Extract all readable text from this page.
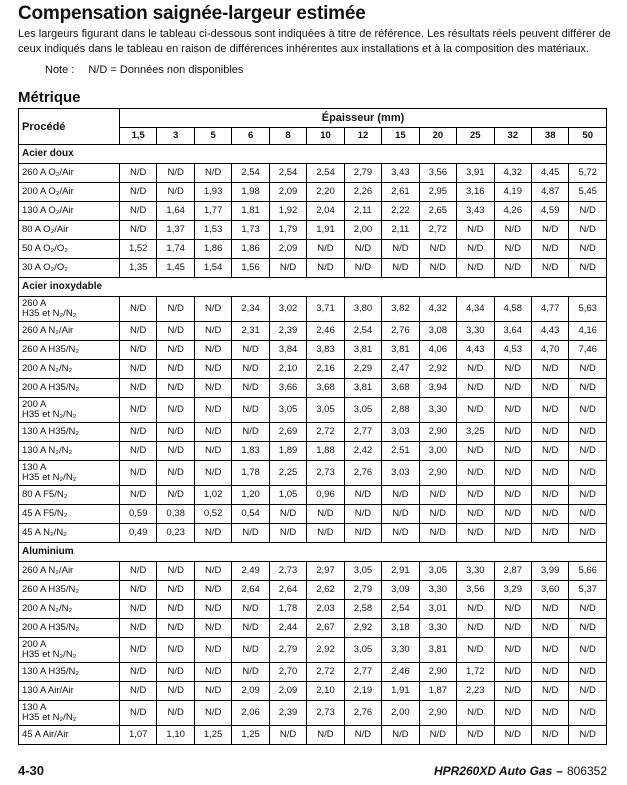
Compensation saignée-largeur estimée

Les largeurs figurant dans le tableau ci-dessous sont indiquées à titre de référence. Les résultats réels peuvent différer de ceux indiqués dans le tableau en raison de différences inhérentes aux installations et à la composition des matériaux.

Note : N/D = Données non disponibles

Métrique
Procédé	Épaisseur (mm)												
	1,5	3	5	6	8	10	12	15	20	25	32	38	50
Acier doux													
260 A O₂/Air	N/D	N/D	N/D	2,54	2,54	2,54	2,79	3,43	3,56	3,91	4,32	4,45	5,72
200 A O₂/Air	N/D	N/D	1,93	1,98	2,09	2,20	2,26	2,61	2,95	3,16	4,19	4,87	5,45
130 A O₂/Air	N/D	1,64	1,77	1,81	1,92	2,04	2,11	2,22	2,65	3,43	4,26	4,59	N/D
80 A O₂/Air	N/D	1,37	1,53	1,73	1,79	1,91	2,00	2,11	2,72	N/D	N/D	N/D	N/D
50 A O₂/O₂	1,52	1,74	1,86	1,86	2,09	N/D	N/D	N/D	N/D	N/D	N/D	N/D	N/D
30 A O₂/O₂	1,35	1,45	1,54	1,56	N/D	N/D	N/D	N/D	N/D	N/D	N/D	N/D	N/D
Acier inoxydable													
260 A
H35 et N₂/N₂	N/D	N/D	N/D	2,34	3,02	3,71	3,80	3,82	4,32	4,34	4,58	4,77	5,63
260 A N₂/Air	N/D	N/D	N/D	2,31	2,39	2,46	2,54	2,76	3,08	3,30	3,64	4,43	4,16
260 A H35/N₂	N/D	N/D	N/D	N/D	3,84	3,83	3,81	3,81	4,06	4,43	4,53	4,70	7,46
200 A N₂/N₂	N/D	N/D	N/D	N/D	2,10	2,16	2,29	2,47	2,92	N/D	N/D	N/D	N/D
200 A H35/N₂	N/D	N/D	N/D	N/D	3,66	3,68	3,81	3,68	3,94	N/D	N/D	N/D	N/D
200 A
H35 et N₂/N₂	N/D	N/D	N/D	N/D	3,05	3,05	3,05	2,88	3,30	N/D	N/D	N/D	N/D
130 A H35/N₂	N/D	N/D	N/D	N/D	2,69	2,72	2,77	3,03	2,90	3,25	N/D	N/D	N/D
130 A N₂/N₂	N/D	N/D	N/D	1,83	1,89	1,88	2,42	2,51	3,00	N/D	N/D	N/D	N/D
130 A
H35 et N₂/N₂	N/D	N/D	N/D	1,78	2,25	2,73	2,76	3,03	2,90	N/D	N/D	N/D	N/D
80 A F5/N₂	N/D	N/D	1,02	1,20	1,05	0,96	N/D	N/D	N/D	N/D	N/D	N/D	N/D
45 A F5/N₂	0,59	0,38	0,52	0,54	N/D	N/D	N/D	N/D	N/D	N/D	N/D	N/D	N/D
45 A N₂/N₂	0,49	0,23	N/D	N/D	N/D	N/D	N/D	N/D	N/D	N/D	N/D	N/D	N/D
Aluminium													
260 A N₂/Air	N/D	N/D	N/D	2,49	2,73	2,97	3,05	2,91	3,05	3,30	2,87	3,99	5,66
260 A H35/N₂	N/D	N/D	N/D	2,64	2,64	2,62	2,79	3,09	3,30	3,56	3,29	3,60	5,37
200 A N₂/N₂	N/D	N/D	N/D	N/D	1,78	2,03	2,58	2,54	3,01	N/D	N/D	N/D	N/D
200 A H35/N₂	N/D	N/D	N/D	N/D	2,44	2,67	2,92	3,18	3,30	N/D	N/D	N/D	N/D
200 A
H35 et N₂/N₂	N/D	N/D	N/D	N/D	2,79	2,92	3,05	3,30	3,81	N/D	N/D	N/D	N/D
130 A H35/N₂	N/D	N/D	N/D	N/D	2,70	2,72	2,77	2,46	2,90	1,72	N/D	N/D	N/D
130 A Air/Air	N/D	N/D	N/D	2,09	2,09	2,10	2,19	1,91	1,87	2,23	N/D	N/D	N/D
130 A
H35 et N₂/N₂	N/D	N/D	N/D	2,06	2,39	2,73	2,76	2,00	2,90	N/D	N/D	N/D	N/D
45 A Air/Air	1,07	1,10	1,25	1,25	N/D	N/D	N/D	N/D	N/D	N/D	N/D	N/D	N/D
4-30	HPR260XD Auto Gas – 806352
